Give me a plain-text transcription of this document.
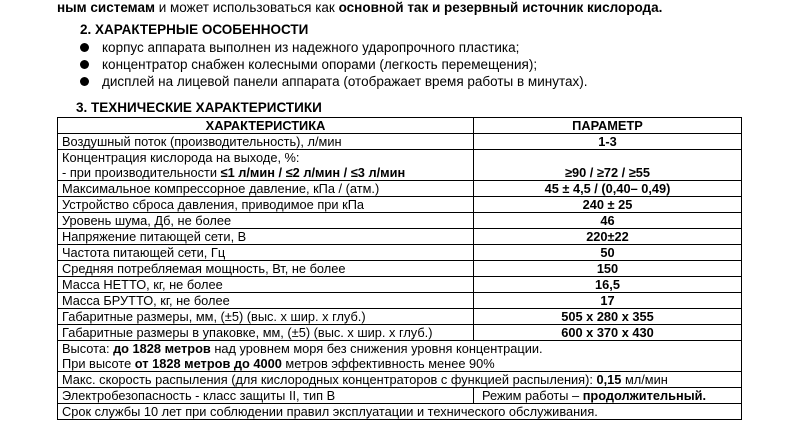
ным системам и может использоваться как основной так и резервный источник кислорода.
2. ХАРАКТЕРНЫЕ ОСОБЕННОСТИ
корпус аппарата выполнен из надежного ударопрочного пластика;
концентратор снабжен колесными опорами (легкость перемещения);
дисплей на лицевой панели аппарата (отображает время работы в минутах).
3. ТЕХНИЧЕСКИЕ ХАРАКТЕРИСТИКИ
ХАРАКТЕРИСТИКА	ПАРАМЕТР
Воздушный поток (производительность), л/мин	1-3

Концентрация кислорода на выходе, %:
- при производительности ≤1 л/мин / ≤2 л/мин / ≤3 л/мин	≥90 / ≥72 / ≥55
Максимальное компрессорное давление, кПа / (атм.)	45 ± 4,5 / (0,40– 0,49)
Устройство сброса давления, приводимое при кПа	240 ± 25
Уровень шума, Дб, не более	46
Напряжение питающей сети, В	220±22
Частота питающей сети, Гц	50
Средняя потребляемая мощность, Вт, не более	150
Масса НЕТТО, кг, не более	16,5
Масса БРУТТО, кг, не более	17
Габаритные размеры, мм, (±5) (выс. х шир. х глуб.)	505 х 280 х 355
Габаритные размеры в упаковке, мм, (±5) (выс. х шир. х глуб.)	600 х 370 х 430

Высота: до 1828 метров над уровнем моря без снижения уровня концентрации.
При высоте от 1828 метров до 4000 метров эффективность менее 90%	

Макс. скорость распыления (для кислородных концентраторов с функцией распыления): 0,15 мл/мин	
Электробезопасность - класс защиты II, тип В	Режим работы – продолжительный.
Срок службы 10 лет при соблюдении правил эксплуатации и технического обслуживания.	
